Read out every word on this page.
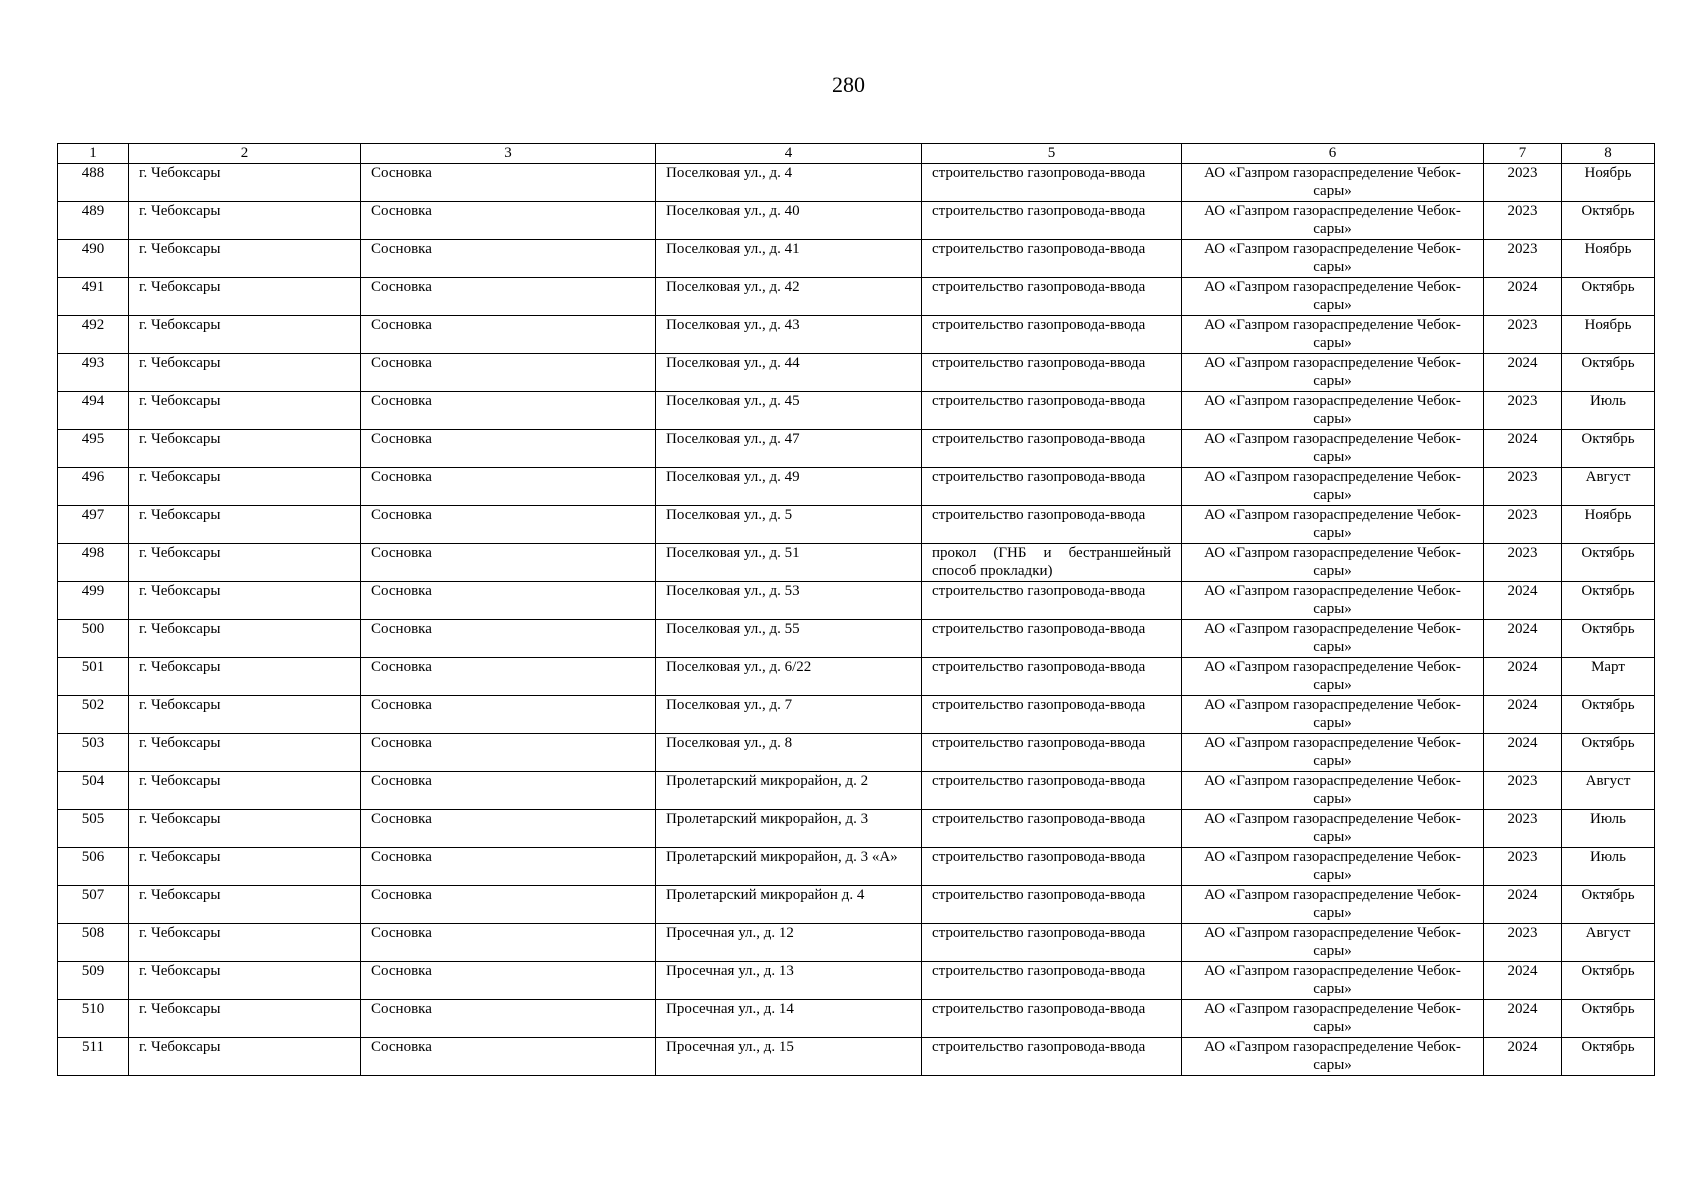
280
1	2	3	4	5	6	7	8
488	г. Чебоксары	Сосновка	Поселковая ул., д. 4	строительство газопровода-ввода	АО «Газпром газораспределение Чебок-сары»	2023	Ноябрь
489	г. Чебоксары	Сосновка	Поселковая ул., д. 40	строительство газопровода-ввода	АО «Газпром газораспределение Чебок-сары»	2023	Октябрь
490	г. Чебоксары	Сосновка	Поселковая ул., д. 41	строительство газопровода-ввода	АО «Газпром газораспределение Чебок-сары»	2023	Ноябрь
491	г. Чебоксары	Сосновка	Поселковая ул., д. 42	строительство газопровода-ввода	АО «Газпром газораспределение Чебок-сары»	2024	Октябрь
492	г. Чебоксары	Сосновка	Поселковая ул., д. 43	строительство газопровода-ввода	АО «Газпром газораспределение Чебок-сары»	2023	Ноябрь
493	г. Чебоксары	Сосновка	Поселковая ул., д. 44	строительство газопровода-ввода	АО «Газпром газораспределение Чебок-сары»	2024	Октябрь
494	г. Чебоксары	Сосновка	Поселковая ул., д. 45	строительство газопровода-ввода	АО «Газпром газораспределение Чебок-сары»	2023	Июль
495	г. Чебоксары	Сосновка	Поселковая ул., д. 47	строительство газопровода-ввода	АО «Газпром газораспределение Чебок-сары»	2024	Октябрь
496	г. Чебоксары	Сосновка	Поселковая ул., д. 49	строительство газопровода-ввода	АО «Газпром газораспределение Чебок-сары»	2023	Август
497	г. Чебоксары	Сосновка	Поселковая ул., д. 5	строительство газопровода-ввода	АО «Газпром газораспределение Чебок-сары»	2023	Ноябрь
498	г. Чебоксары	Сосновка	Поселковая ул., д. 51	прокол (ГНБ и бестраншейный способ прокладки)	АО «Газпром газораспределение Чебок-сары»	2023	Октябрь
499	г. Чебоксары	Сосновка	Поселковая ул., д. 53	строительство газопровода-ввода	АО «Газпром газораспределение Чебок-сары»	2024	Октябрь
500	г. Чебоксары	Сосновка	Поселковая ул., д. 55	строительство газопровода-ввода	АО «Газпром газораспределение Чебок-сары»	2024	Октябрь
501	г. Чебоксары	Сосновка	Поселковая ул., д. 6/22	строительство газопровода-ввода	АО «Газпром газораспределение Чебок-сары»	2024	Март
502	г. Чебоксары	Сосновка	Поселковая ул., д. 7	строительство газопровода-ввода	АО «Газпром газораспределение Чебок-сары»	2024	Октябрь
503	г. Чебоксары	Сосновка	Поселковая ул., д. 8	строительство газопровода-ввода	АО «Газпром газораспределение Чебок-сары»	2024	Октябрь
504	г. Чебоксары	Сосновка	Пролетарский микрорайон, д. 2	строительство газопровода-ввода	АО «Газпром газораспределение Чебок-сары»	2023	Август
505	г. Чебоксары	Сосновка	Пролетарский микрорайон, д. 3	строительство газопровода-ввода	АО «Газпром газораспределение Чебок-сары»	2023	Июль
506	г. Чебоксары	Сосновка	Пролетарский микрорайон, д. 3 «А»	строительство газопровода-ввода	АО «Газпром газораспределение Чебок-сары»	2023	Июль
507	г. Чебоксары	Сосновка	Пролетарский микрорайон д. 4	строительство газопровода-ввода	АО «Газпром газораспределение Чебок-сары»	2024	Октябрь
508	г. Чебоксары	Сосновка	Просечная ул., д. 12	строительство газопровода-ввода	АО «Газпром газораспределение Чебок-сары»	2023	Август
509	г. Чебоксары	Сосновка	Просечная ул., д. 13	строительство газопровода-ввода	АО «Газпром газораспределение Чебок-сары»	2024	Октябрь
510	г. Чебоксары	Сосновка	Просечная ул., д. 14	строительство газопровода-ввода	АО «Газпром газораспределение Чебок-сары»	2024	Октябрь
511	г. Чебоксары	Сосновка	Просечная ул., д. 15	строительство газопровода-ввода	АО «Газпром газораспределение Чебок-сары»	2024	Октябрь
